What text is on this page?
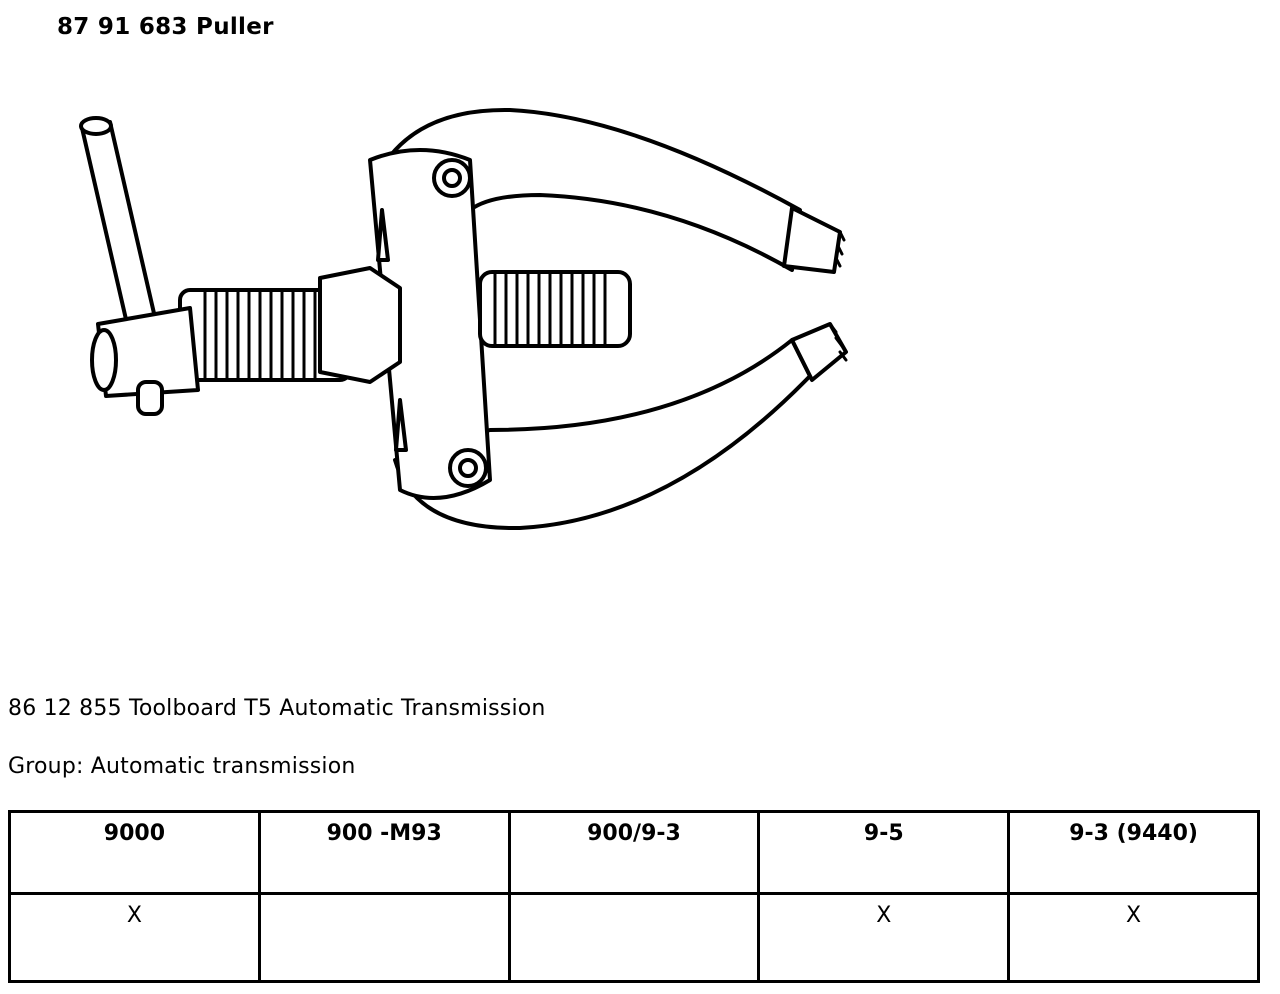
87 91 683 Puller
86 12 855 Toolboard T5 Automatic Transmission
Group: Automatic transmission
9000	900 -M93	900/9-3	9-5	9-3 (9440)
X			X	X
